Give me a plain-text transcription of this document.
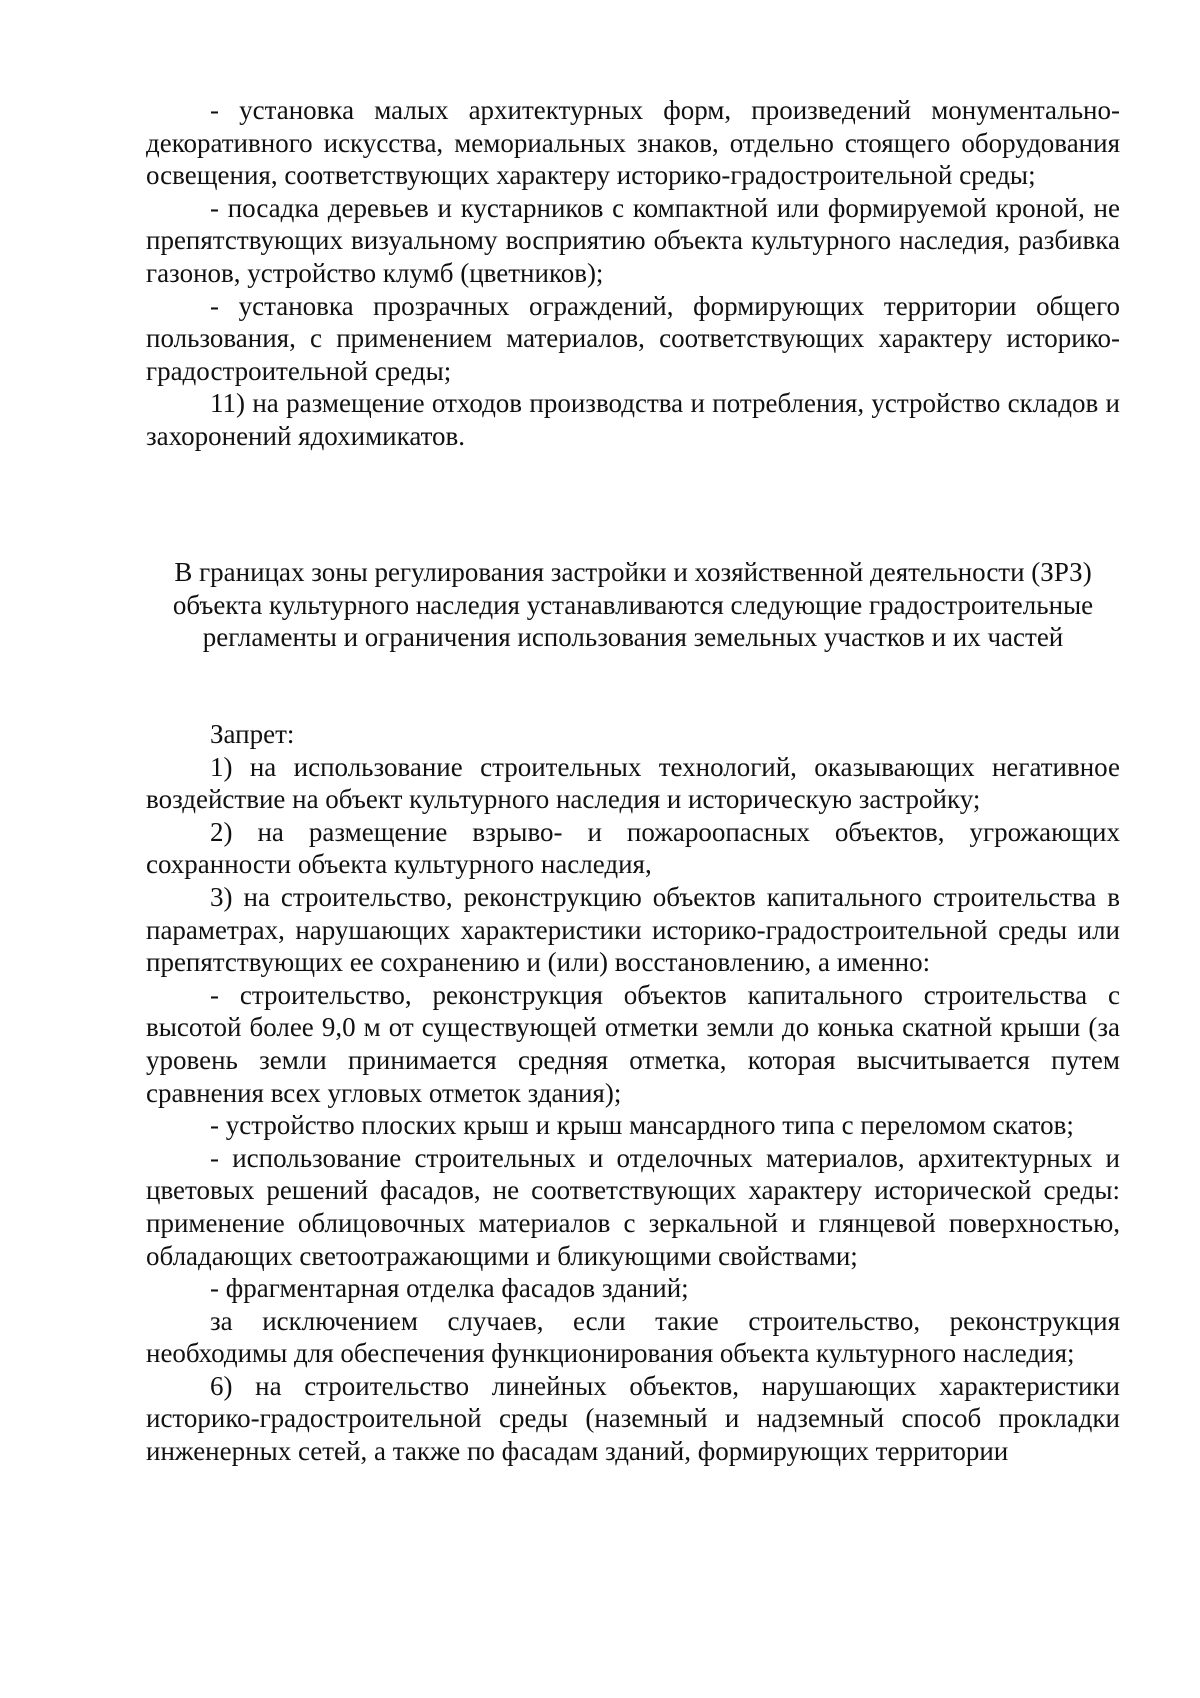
- установка малых архитектурных форм, произведений монументально-декоративного искусства, мемориальных знаков, отдельно стоящего оборудования освещения, соответствующих характеру историко-градостроительной среды;

- посадка деревьев и кустарников с компактной или формируемой кроной, не препятствующих визуальному восприятию объекта культурного наследия, разбивка газонов, устройство клумб (цветников);

- установка прозрачных ограждений, формирующих территории общего пользования, с применением материалов, соответствующих характеру историко-градостроительной среды;

11) на размещение отходов производства и потребления, устройство складов и захоронений ядохимикатов.

В границах зоны регулирования застройки и хозяйственной деятельности (ЗРЗ) объекта культурного наследия устанавливаются следующие градостроительные регламенты и ограничения использования земельных участков и их частей

Запрет:

1) на использование строительных технологий, оказывающих негативное воздействие на объект культурного наследия и историческую застройку;

2) на размещение взрыво- и пожароопасных объектов, угрожающих сохранности объекта культурного наследия,

3) на строительство, реконструкцию объектов капитального строительства в параметрах, нарушающих характеристики историко-градостроительной среды или препятствующих ее сохранению и (или) восстановлению, а именно:

- строительство, реконструкция объектов капитального строительства с высотой более 9,0 м от существующей отметки земли до конька скатной крыши (за уровень земли принимается средняя отметка, которая высчитывается путем сравнения всех угловых отметок здания);

- устройство плоских крыш и крыш мансардного типа с переломом скатов;

- использование строительных и отделочных материалов, архитектурных и цветовых решений фасадов, не соответствующих характеру исторической среды: применение облицовочных материалов с зеркальной и глянцевой поверхностью, обладающих светоотражающими и бликующими свойствами;

- фрагментарная отделка фасадов зданий;

за исключением случаев, если такие строительство, реконструкция необходимы для обеспечения функционирования объекта культурного наследия;

6) на строительство линейных объектов, нарушающих характеристики историко-градостроительной среды (наземный и надземный способ прокладки инженерных сетей, а также по фасадам зданий, формирующих территории
